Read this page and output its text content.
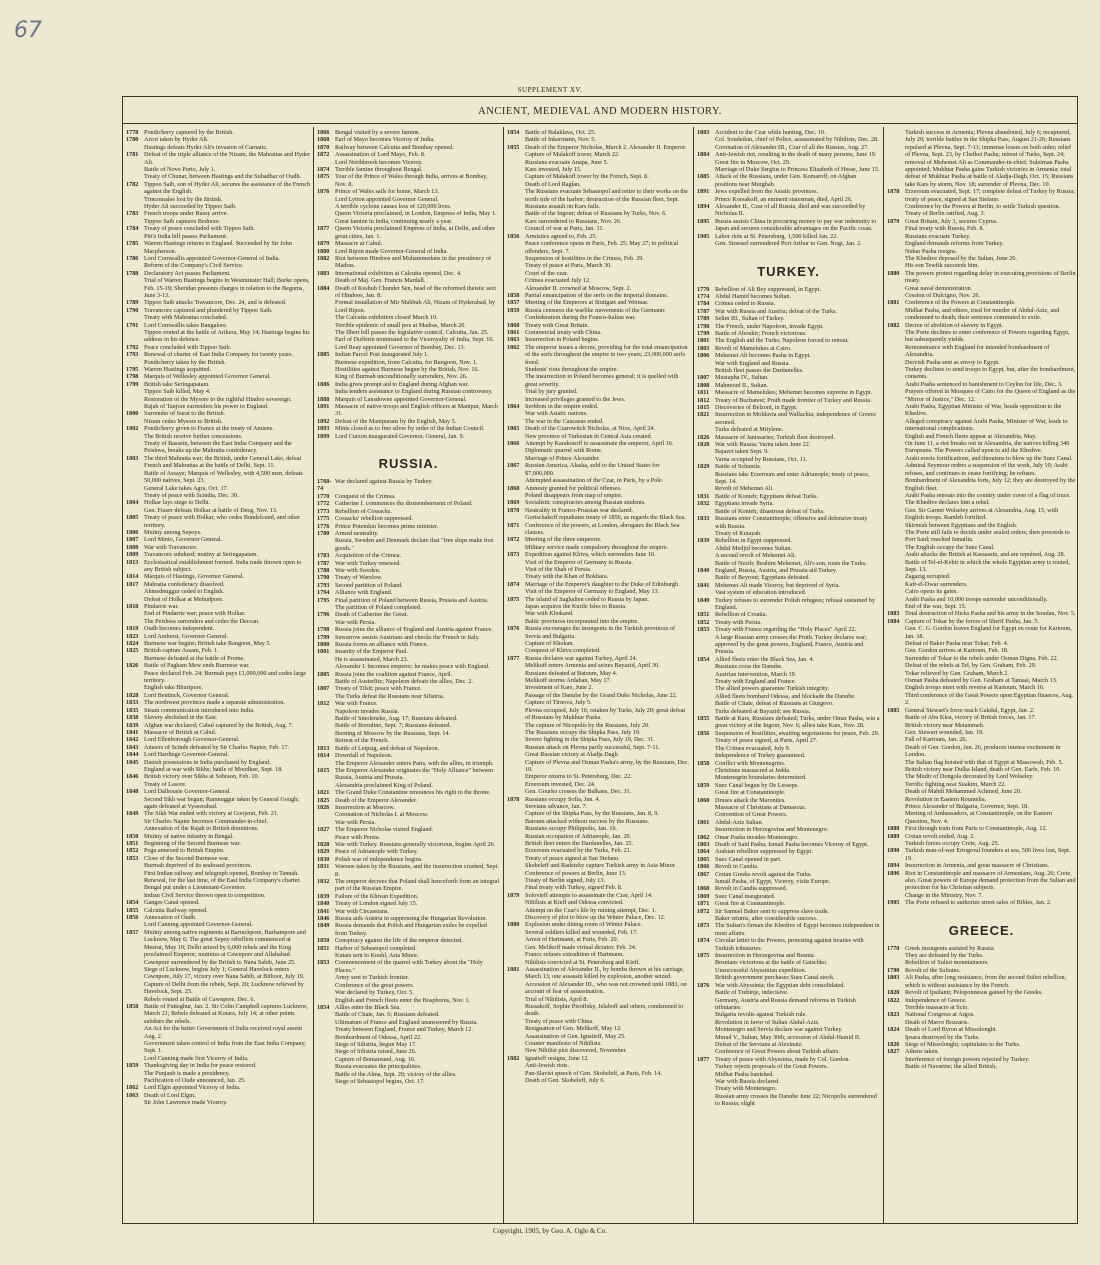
67
SUPPLEMENT XV.
ANCIENT, MEDIEVAL AND MODERN HISTORY.
1778 Pondicherry captured by the British.
1780 Arcot taken by Hyder Ali.
Hastings defeats Hyder Ali's invasion of Carnatic.
1781 Defeat of the triple alliance of the Nizam, the Mahrattas and Hyder Ali.
Battle of Novo Porto, July 1.
Treaty of Chunar, between Hastings and the Subadhar of Oudh.
1782 Tippoo Saib, son of Hyder Ali, secures the assistance of the French against the English.
Trincomalee lost by the British.
Hyder Ali succeeded by Tippoo Saib.
1783 French troops under Bussy arrive.
Tippoo Saib captures Bednore.
1784 Treaty of peace concluded with Tippoo Saib.
Pitt's India bill passes Parliament.
1785 Warren Hastings returns to England. Succeeded by Sir John Macpherson.
1786 Lord Cornwallis appointed Governor-General of India.
Reform of the Company's Civil Service.
1788 Declaratory Act passes Parliament.
Trial of Warren Hastings begins in Westminster Hall; Burke opens, Feb. 15-19; Sheridan presents charges in relation to the Begums, June 3-13.
1789 Tippoo Saib attacks Travancore, Dec. 24, and is defeated.
1790 Travancore captured and plundered by Tippoo Saib.
Treaty with Mahrattas concluded.
1791 Lord Cornwallis takes Bangalore.
Tippoo routed at the battle of Arikera, May 14; Hastings begins his address in his defence.
1792 Peace concluded with Tippoo Saib.
1793 Renewal of charter of East India Company for twenty years.
Pondicherry taken by the British.
1795 Warren Hastings acquitted.
1798 Marquis of Wellesley appointed Governor General.
1799 British take Seringapatam.
Tippoo Saib killed, May 4.
Restoration of the Mysore to the rightful Hindoo sovereign.
Rajah of Tanjore surrenders his power to England.
1800 Surrender of Surat to the British.
Nizam cedes Mysore to British.
1802 Pondicherry given to France at the treaty of Amiens.
The British receive further concessions.
Treaty of Bassein, between the East India Company and the Peishwa, breaks up the Mahratta confederacy.
1803 The third Mahratta war; the British, under General Lake, defeat French and Mahrattas at the battle of Delhi, Sept. 11.
Battle of Assaye; Marquis of Wellesley, with 4,500 men, defeats 50,000 natives, Sept. 23.
General Lake takes Agra, Oct. 17.
Treaty of peace with Scindia, Dec. 30.
1804 Holkar lays siege to Delhi.
Gen. Fraser defeats Holkar at battle of Deeg, Nov. 13.
1805 Treaty of peace with Holkar, who cedes Bundelcund, and other territory.
1806 Mutiny among Sepoys.
1807 Lord Minto, Governor General.
1808 War with Travancore.
1809 Travancore subdued; mutiny at Seringapatam.
1813 Ecclesiastical establishment formed. India trade thrown open to any British subject.
1814 Marquis of Hastings, Governor General.
1817 Mahratta confederacy dissolved.
Ahmednuggur ceded to English.
Defeat of Holkar at Mehudpore.
1818 Pindarrie war.
End of Pindarrie war; peace with Holkar.
The Peishwa surrenders and cedes the Deccan.
1819 Oudh becomes independent.
1823 Lord Amherst, Governor General.
1824 Burmese war begins; British take Rangoon, May 5.
1825 British capture Assam, Feb. 1.
Burmese defeated at the battle of Prome.
1826 Battle of Pagham Mew ends Burmese war.
Peace declared Feb. 24; Burmah pays £1,000,000 and cedes large territory.
English take Bhurtpore.
1828 Lord Bentinck, Governor General.
1833 The northwest provinces made a separate administration.
1835 Steam communication introduced into India.
1838 Slavery abolished in the East.
1839 Afghan war declared; Cabul captured by the British, Aug. 7.
1841 Massacre of British at Cabul.
1842 Lord Ellenborough Governor-General.
1843 Ameers of Scinde defeated by Sir Charles Napier, Feb. 17.
1844 Lord Hardinge Governor-General.
1845 Danish possessions in India purchased by England.
England at war with Sikhs; battle of Moodkee, Sept. 18.
1846 British victory over Sikhs at Sobraon, Feb. 10.
Treaty of Lasore.
1848 Lord Dalhousie Governor-General.
Second Sikh war begun; Ramnuggur taken by General Gough; again defeated at Vyseerabad.
1849 The Sikh War ended with victory at Goojerat, Feb. 21.
Sir Charles Napier becomes Commander-in-chief.
Annexation of the Rajah to British dominions.
1850 Mutiny of native infantry in Bengal.
1851 Beginning of the Second Burmese war.
1852 Pegu annexed to British Empire.
1853 Close of the Second Burmese war.
Burmah deprived of its seaboard provinces.
First Indian railway and telegraph opened, Bombay to Tannah.
Renewal, for the last time, of the East India Company's charter.
Bengal put under a Lieutenant-Governor.
Indian Civil Service thrown open to competition.
1854 Ganges Canal opened.
1855 Calcutta Railway opened.
1856 Annexation of Oudh.
Lord Canning appointed Governor-General.
1857 Mutiny among native regiments at Barrackpore, Burhampore and Lucknow, May 6; The great Sepoy rebellion commenced at Meerut, May 10; Delhi seized by 6,000 rebels and the King proclaimed Emperor; mutinies at Cawnpore and Allahabad.
Cawnpore surrendered by the British to Nana Sahib, June 25.
Siege of Lucknow, begins July 1; General Havelock enters Cawnpore, July 17, victory over Nana Sahib, at Bithoor, July 19.
Capture of Delhi from the rebels, Sept. 20; Lucknow relieved by Havelock, Sept. 25.
Rebels routed at Battle of Cawnpore, Dec. 6.
1858 Battle of Futteghur, Jan. 2. Sir Colin Campbell captures Lucknow, March 21; Rebels defeated at Kotara, July 14; at other points subdues the rebels.
An Act for the better Government of India received royal assent Aug. 2.
Government taken control of India from the East India Company, Sept. 1.
Lord Canning made first Viceroy of India.
1859 Thanksgiving day in India for peace restored.
The Punjaub is made a presidency.
Pacification of Oude announced, Jan. 25.
1862 Lord Elgin appointed Viceroy of India.
1863 Death of Lord Elgin.
Sir John Lawrence made Viceroy.
1866 Bengal visited by a severe famine.
1868 Earl of Mayo becomes Viceroy of India.
1870 Railway between Calcutta and Bombay opened.
1872 Assassination of Lord Mayo, Feb. 8.
Lord Northbrook becomes Viceroy.
1874 Terrible famine throughout Bengal.
1875 Tour of the Prince of Wales through India, arrives at Bombay, Nov. 8.
1876 Prince of Wales sails for home, March 13.
Lord Lytton appointed Governor General.
A terrible cyclone causes loss of 120,000 lives.
Queen Victoria proclaimed, in London, Empress of India, May 1.
Great famine in India, continuing nearly a year.
1877 Queen Victoria proclaimed Empress of India, at Delhi, and other great cities, Jan. 1.
1879 Massacre at Cabul.
1880 Lord Ripon made Governor-General of India.
1882 Riot between Hindoos and Mohammedans in the presidency of Madras.
1883 International exhibition at Calcutta opened, Dec. 4.
Death of Maj. Gen. Francis Mardall.
1884 Death of Keshub Chunder Sen, head of the reformed theistic sect of Hindoos, Jan. 8.
Formal installation of Mir Mahbub Ali, Nizam of Hyderabad, by Lord Ripon.
The Calcutta exhibition closed March 10.
Terrible epidemic of small pox at Madras, March 20.
The Ilbert bill passes the legislative council, Calcutta, Jan. 25.
Earl of Dufferin nominated to the Viceroyalty of India, Sept. 10.
Lord Reay appointed Governor of Bombay, Dec. 13.
1885 Indian Parcel Post inaugurated July 1.
Burmese expedition, from Calcutta, for Rangoon, Nov. 1.
Hostilities against Burmese begun by the British, Nov. 16.
King of Burmah unconditionally surrenders, Nov. 26.
1886 India gives prompt aid to England during Afghan war.
India tenders assistance to England during Russian controversy.
1888 Marquis of Lansdowne appointed Governor-General.
1891 Massacre of native troops and English officers at Manipur, March 31.
1892 Defeat of the Manipurans by the English, May 5.
1893 Mints closed as to free silver by order of the Indian Council.
1899 Lord Curzon inaugurated Governor. General, Jan. 9.
RUSSIA.
1768-74
War declared against Russia by Turkey.
1770 Conquest of the Crimea.
1772 Catherine I. commences the dismemberment of Poland.
1773 Rebellion of Cossacks.
1775 Cossacks' rebellion suppressed.
1776 Prince Potemkin becomes prime minister.
1780 Armed neutrality.
Russia, Sweden and Denmark declare that "free ships make free goods."
1783 Acquisition of the Crimea.
1787 War with Turkey renewed.
1788 War with Sweden.
1790 Treaty of Warelow.
1793 Second partition of Poland.
1794 Alliance with England.
1795 Final partition of Poland between Russia, Prussia and Austria.
The partition of Poland completed.
1796 Death of Catherine the Great.
War with Persia.
1798 Russia joins the alliance of England and Austria against France.
1799 Suwarrow assists Austrians and checks the French in Italy.
1800 Russia forms an alliance with France.
1801 Insanity of the Emperor Paul.
He is assassinated, March 23.
Alexander I. becomes emperor; he makes peace with England.
1805 Russia joins the coalition against France, April.
Battle of Austerlitz; Napoleon defeats the allies, Dec. 2.
1807 Treaty of Tilsit; peace with France.
The Turks defeat the Russians near Silistria.
1812 War with France.
Napoleon invades Russia.
Battle of Smolensko, Aug. 17; Russians defeated.
Battle of Borodino, Sept. 7; Russians defeated.
Burning of Moscow by the Russians, Sept. 14.
Retreat of the French.
1813 Battle of Leipsig, and defeat of Napoleon.
1814 Downfall of Napoleon.
The Emperor Alexander enters Paris, with the allies, in triumph.
1815 The Emperor Alexander originates the "Holy Alliance" between Russia, Austria and Prussia.
Alexandria proclaimed King of Poland.
1821 The Grand Duke Constantine renounces his right to the throne.
1825 Death of the Emperor Alexander.
1826 Insurrection at Moscow.
Coronation of Nicholas I. at Moscow.
War with Persia.
1827 The Emperor Nicholas visited England.
Peace with Persia.
1828 War with Turkey. Russians generally victorious, begins April 26.
1829 Peace of Adrianople with Turkey.
1830 Polish war of independence begins.
1831 Warsaw taken by the Russians, and the insurrection crushed, Sept. 8.
1832 The emperor decrees that Poland shall henceforth form an integral part of the Russian Empire.
1839 Failure of the Khivan Expedition.
1840 Treaty of London signed July 15.
1841 War with Circassians.
1846 Russia aids Austria in suppressing the Hungarian Revolution.
1849 Russia demands that Polish and Hungarian exiles be expelled from Turkey.
1850 Conspiracy against the life of the emperor detected.
1851 Harbor of Sebastopol completed.
Kutais sent to Kouhl, Asia Minor.
1853 Commencement of the quarrel with Turkey about the "Holy Places."
Army sent to Turkish frontier.
Conference of the great powers.
War declared by Turkey, Oct. 5.
English and French fleets enter the Bosphorus, Nov. 1.
1854 Allies enter the Black Sea.
Battle of Citate, Jan. 6; Russians defeated.
Ultimatum of France and England unanswered by Russia.
Treaty between England, France and Turkey, March 12.
Bombardment of Odessa, April 22.
Siege of Silistria, begun May 17.
Siege of Silistria raised, June 26.
Capture of Bomarsund, Aug. 16.
Russia evacuates the principalities.
Battle of the Alma, Sept. 20; victory of the allies.
Siege of Sebastopol begins, Oct. 17.
1854 Battle of Balaklava, Oct. 25.
Battle of Inkermann, Nov. 5.
1855 Death of the Emperor Nicholas, March 2. Alexander II. Emperor.
Capture of Malakoff tower, March 22.
Russians evacuate Anapa, June 5.
Kars invested, July 15.
Capture of Malakoff tower by the French, Sept. 8.
Death of Lord Raglan.
The Russians evacuate Sebastopol and retire to their works on the north side of the harbor; destruction of the Russian fleet, Sept.
Russians assault on Kars fails.
Battle of the Ingour; defeat of Russians by Turks, Nov. 6.
Kars surrendered to Russians, Nov. 26.
Council of war at Paris, Jan. 11.
1856 Armistice agreed to, Feb. 25.
Peace conference opens in Paris, Feb. 25; May 27; to political offenders, Sept. 7.
Suspension of hostilities in the Crimea, Feb. 29.
Treaty of peace at Paris, March 30.
Court of the czar.
Crimea evacuated July 12.
Alexander II. crowned at Moscow, Sept. 2.
1858 Partial emancipation of the serfs on the imperial domains.
1857 Meeting of the Emperors at Stuttgart and Weimar.
1859 Russia censures the warlike movements of the Germanic Confederation during the Franco-Italian war.
1860 Treaty with Great Britain.
1861 Commercial treaty with China.
1863 Insurrection in Poland begins.
1862 The emperor issues a decree, providing for the total emancipation of the serfs throughout the empire in two years; 23,000,000 serfs freed.
Students' riots throughout the empire.
The insurrection in Poland becomes general; it is quelled with great severity.
Trial by jury granted.
Increased privileges granted to the Jews.
1864 Serfdom in the empire ended.
War with Asiatic nations.
The war in the Caucasus ended.
1865 Death of the Czarowitch Nicholas, at Nice, April 24.
New province of Turkestan in Central Asia created.
1866 Attempt by Karakosoff to assassinate the emperor, April 16.
Diplomatic quarrel with Rome.
Marriage of Prince Alexander.
1867 Russian America, Alaska, sold to the United States for $7,000,000.
Attempted assassination of the Czar, in Paris, by a Pole.
1868 Amnesty granted for political offenses.
Poland disappears from map of empire.
1869 Socialistic conspiracies among Russian students.
1870 Neutrality in Franco-Prussian war declared.
Gortschakoff repudiates treaty of 1856, as regards the Black Sea.
1871 Conference of the powers, at London, abrogates the Black Sea clauses.
1872 Meeting of the three emperors.
Military service made compulsory throughout the empire.
1873 Expedition against Khiva, which surrenders June 10.
Visit of the Emperor of Germany to Russia.
Visit of the Shah of Persia.
Treaty with the Khan of Bokhara.
1874 Marriage of the Emperor's daughter to the Duke of Edinburgh.
Visit of the Emperor of Germany to England, May 13.
1875 The island of Saghalien ceded to Russia by Japan.
Japan acquires the Kurile Isles to Russia.
War with Khokand.
Baltic provinces incorporated into the empire.
1876 Russia encourages the insurgents in the Turkish provinces of Servia and Bulgaria.
Capture of Khokan.
Conquest of Khiva completed.
1877 Russia declares war against Turkey, April 24.
Melikoff enters Armenia and seizes Bayazid, April 30.
Russians defeated at Batoum, May 4.
Melikoff storms Ardahan, May 17.
Investment of Kars, June 2.
Passage of the Danube by the Grand Duke Nicholas, June 22.
Capture of Tirnova, July 5.
Plevna occupied, July 16; retaken by Turks, July 20; great defeat of Russians by Mukhtar Pasha.
The capture of Nicopolis by the Russians, July 20.
The Russians occupy the Shipka Pass, July 19.
Severe fighting in the Shipka Pass, July 19, Dec. 31.
Russian attack on Plevna partly successful, Sept. 7-11.
Great Russian victory at Aladja Dagh.
Capture of Plevna and Osman Pasha's army, by the Russians, Dec. 10.
Emperor returns to St. Petersburg, Dec. 22.
Erzeroum invested, Dec. 24.
Gen. Gourko crosses the Balkans, Dec. 31.
1878 Russians occupy Sofia, Jan. 4.
Servians advance, Jan. 7.
Capture of the Shipka Pass, by the Russians, Jan. 8, 9.
Batoum attacked without success by the Russians.
Russians occupy Philippolis, Jan. 16.
Russian occupation of Adrianople, Jan. 20.
British fleet enters the Dardanelles, Jan. 25.
Erzeroum evacuated by the Turks, Feb. 21.
Treaty of peace signed at San Stefano.
Skobeleff and Radetzky capture Turkish army in Asia Minor.
Conference of powers at Berlin, June 13.
Treaty of Berlin signed, July 13.
Final treaty with Turkey, signed Feb. 8.
1879 Solovieff attempts to assassinate the Czar, April 14.
Nihilists at Kieff and Odessa convicted.
Attempt on the Czar's life by mining attempt, Dec. 1.
Discovery of plot to blow up the Winter Palace, Dec. 12.
1880 Explosion under dining room of Winter Palace.
Several soldiers killed and wounded, Feb. 17.
Arrest of Hartmann, at Paris, Feb. 20.
Gen. Melikoff made virtual dictator, Feb. 24.
France refuses extradition of Hartmann.
Nihilists convicted at St. Petersburg and Kieff.
1881 Assassination of Alexander II., by bombs thrown at his carriage, March 13; one assassin killed by explosion, another seized.
Accession of Alexander III., who was not crowned until 1883, on account of fear of assassination.
Trial of Nihilists, April 8.
Russakoff, Sophie Pieoffsky, Jelaboff and others, condemned to death.
Treaty of peace with China.
Resignation of Gen. Melikoff, May 12.
Assassination of Gen. Ignatieff, May 25.
Counter manifesto of Nihilists.
New Nihilist plot discovered, November.
1882 Ignatieff resigns, June 12.
Anti-Jewish riots.
Pan-Slavist speech of Gen. Skobeleff, at Paris, Feb. 14.
Death of Gen. Skobeleff, July 6.
1883 Accident to the Czar while hunting, Dec. 10.
Col. Soudeikin, chief of Police, assassinated by Nihilists, Dec. 28.
Coronation of Alexander III., Czar of all the Russias, Aug. 27.
1884 Anti-Jewish riot, resulting in the death of many persons, June 19.
Great fire in Moscow, Oct. 29.
Marriage of Duke Sergius to Princess Elizabeth of Hesse, June 15.
1885 Attack of the Russians, under Gen. Komaroff, on Afghan positions near Murghab.
1891 Jews expelled from the Asiatic provinces.
Prince Korsakoff, an eminent statesman, died, April 26.
1894 Alexander II., Czar of all Russia, died and was succeeded by Nicholas II.
1895 Russia assists China in procuring money to pay war indemnity to Japan and secures considerable advantages on the Pacific coast.
1905 Labor riots at St. Petersburg, 1,500 killed Jan. 22.
Gen. Stoessel surrendered Port Arthur to Gen. Nogi, Jan. 2.
TURKEY.
1770 Rebellion of Ali Bey suppressed, in Egypt.
1774 Abdul Hamid becomes Sultan.
1784 Crimea ceded to Russia.
1787 War with Russia and Austria; defeat of the Turks.
1789 Selim III., Sultan of Turkey.
1798 The French, under Napoleon, invade Egypt.
1799 Battle of Aboukir; French victorious.
1801 The English aid the Turks; Napoleon forced to retreat.
1803 Revolt of Mamelukes at Cairo.
1806 Mehemet Ali becomes Pasha in Egypt.
War with England and Russia.
British fleet passes the Dardanelles.
1807 Mustapha IV., Sultan.
1808 Mahmoud II., Sultan.
1811 Massacre of Mamelukes; Mehemet becomes supreme in Egypt.
1812 Treaty of Bucharest; Pruth made frontier of Turkey and Russia.
1815 Discoveries of Belzoni, in Egypt.
1821 Insurrection in Moldavia and Wallachia; independence of Greece secured.
Turks defeated at Mitylene.
1826 Massacre of Janissaries; Turkish fleet destroyed.
1828 War with Russia; Varna taken June 22.
Bajazet taken Sept. 9.
Varna occupied by Russians, Oct. 11.
1829 Battle of Schumla.
Russians take Erzeroum and enter Adrianople; treaty of peace, Sept. 14.
Revolt of Mehemet Ali.
1831 Battle of Konieh; Egyptians defeat Turks.
1832 Egyptians invade Syria.
Battle of Konieh; disastrous defeat of Turks.
1833 Russians enter Constantinople; offensive and defensive treaty with Russia.
Treaty of Kutayah.
1839 Rebellion in Egypt suppressed.
Abdul Medjid becomes Sultan.
A second revolt of Mehemet Ali.
Battle of Nezib; Ibrahim Mehemet, Ali's son, routs the Turks.
1840 England, Russia, Austria, and Prussia aid Turkey.
Battle of Beyrout; Egyptians defeated.
1841 Mehemet Ali made Viceroy, but deprived of Syria.
Vast system of education introduced.
1849 Turkey refuses to surrender Polish refugees; refusal sustained by England.
1851 Rebellion of Croatia.
1852 Treaty with Persia.
1853 Treaty with France regarding the "Holy Places" April 22.
A large Russian army crosses the Pruth. Turkey declares war; approved by the great powers, England, France, Austria and Prussia.
1854 Allied fleets enter the Black Sea, Jan. 4.
Russians cross the Danube.
Austrian intervention, March 19.
Treaty with England and France.
The allied powers guarantee Turkish integrity.
Allied fleets bombard Odessa, and blockade the Danube.
Battle of Citate, defeat of Russians at Giurgevo.
Turks defeated at Bayazid; see Russia.
1855 Battle at Kars, Russians defeated; Turks, under Omar Pasha, win a great victory at the Ingour, Nov. 6; allies take Kars, Nov. 28.
1856 Suspension of hostilities, awaiting negotiations for peace, Feb. 29.
Treaty of peace signed, at Paris, April 27.
The Crimea evacuated, July 9.
Independence of Turkey guaranteed.
1858 Conflict with Montenegrins.
Christians massacred at Jedda.
Montenegrin boundaries determined.
1859 Suez Canal begun by De Lesseps.
Great fire at Constantinople.
1860 Druses attack the Maronites.
Massacre of Christians at Damascus.
Convention of Great Powers.
1861 Abdul-Aziz Sultan.
Insurrection in Herzegovina and Montenegro.
1862 Omar Pasha invades Montenegro.
1863 Death of Said Pasha; Ismail Pasha becomes Viceroy of Egypt.
1864 Arabian rebellion suppressed by Egypt.
1865 Suez Canal opened in part.
1866 Revolt in Candia.
1867 Cretan Greeks revolt against the Turks.
Ismail Pasha, of Egypt, Viceroy, visits Europe.
1868 Revolt in Candia suppressed.
1869 Suez Canal inaugurated.
1871 Great fire at Constantinople.
1872 Sir Samuel Baker sent to suppress slave trade.
Baker returns, after considerable success.
1873 The Sultan's firman the Khedive of Egypt becomes independent in most affairs.
1874 Circular letter to the Powers, protesting against treaties with Turkish tributaries.
1875 Insurrection in Herzegovina and Bosnia.
Bosnians victorious at the battle of Gatschko.
Unsuccessful Abyssinian expedition.
British government purchases Suez Canal stock.
1876 War with Abyssinia; the Egyptian debt consolidated.
Battle of Trebinje, indecisive.
Germany, Austria and Russia demand reforms in Turkish tributaries.
Bulgaria revolts against Turkish rule.
Revolution in favor of Sultan Abdul-Aziz.
Montenegro and Servia declare war against Turkey.
Murad V., Sultan, May 30th; accession of Abdul-Hamid II.
Defeat of the Servians at Alexinatz.
Conference of Great Powers about Turkish affairs.
1877 Treaty of peace with Abyssinia, made by Col. Gordon.
Turkey rejects proposals of the Great Powers.
Midhat Pasha banished.
War with Russia declared.
Treaty with Montenegro.
Russian army crosses the Danube June 22; Nicopolis surrendered to Russia; slight
Turkish success in Armenia; Plevna abandoned, July 6; recaptured, July 20; terrible battles in the Shipka Pass, August 21-26; Russians repulsed at Plevna, Sept. 7-11; immense losses on both sides; relief of Plevna, Sept. 23, by Chefket Pasha; retreat of Turks, Sept. 24; removal of Mehemet Ali as Commander-in-chief; Suleiman Pasha appointed; Mukhtar Pasha gains Turkish victories in Armenia; total defeat of Mukhtar Pasha at battle of Aladja-Dagh, Oct. 15; Russians take Kars by storm, Nov. 18; surrender of Plevna, Dec. 10.
1878 Erzeroum evacuated, Sept. 17; complete defeat of Turkey by Russia; treaty of peace, signed at San Stefano.
Conference by the Powers at Berlin, to settle Turkish question.
Treaty of Berlin ratified, Aug. 3.
1879 Great Britain, July 3, secures Cyprus.
Final treaty with Russia, Feb. 8.
Russians evacuate Turkey.
England demands reforms from Turkey.
Nubar Pasha resigns.
The Khedive deposed by the Sultan, June 26.
His son Tewfik succeeds him.
1880 The powers protest regarding delay in executing provisions of Berlin treaty.
Great naval demonstration.
Cession of Dulcigno, Nov. 26.
1881 Conference of the Powers at Constantinople.
Midhat Pasha, and others, tried for murder of Abdul-Aziz, and condemned to death; their sentence commuted to exile.
1882 Decree of abolition of slavery in Egypt.
The Porte declines to enter conference of Powers regarding Egypt, but subsequently yields.
Remonstrance with England for intended bombardment of Alexandria.
Dervish Pasha sent as envoy to Egypt.
Turkey declines to send troops to Egypt, but, after the bombardment, consents.
Arabi Pasha sentenced to banishment to Ceylon for life, Dec. 3.
Prayers offered in Mosques of Cairo for the Queen of England as the "Mirror of Justice," Dec. 12.
Arabi Pasha, Egyptian Minister of War, heads opposition to the Khedive.
Alleged conspiracy against Arabi Pasha, Minister of War, leads to international complications.
English and French fleets appear at Alexandria, May.
On June 11, a riot breaks out in Alexandria, the natives killing 340 Europeans. The Powers called upon to aid the Khedive.
Arabi erects fortifications, and threatens to blow up the Suez Canal.
Admiral Seymour orders a suspension of the work, July 10; Arabi refuses, and continues to cease fortifying; he refuses.
Bombardment of Alexandria forts, July 12; they are destroyed by the English fleet.
Arabi Pasha retreats into the country under cover of a flag of truce.
The Khedive declares him a rebel.
Gen. Sir Garnet Wolseley arrives at Alexandria, Aug. 15, with English troops. Ramleh fortified.
Skirmish between Egyptians and the English.
The Porte still fails to decide under sealed orders; then proceeds to Port Said; reached Ismailia.
The English occupy the Suez Canal.
Arabi attacks the British at Kassassin, and are repulsed, Aug. 28.
Battle of Tel-el-Kebir in which the whole Egyptian army is routed, Sept. 13.
Zagazig occupied.
Kafr-el-Dwar surrenders.
Cairo opens its gates.
Arabi Pasha and 10,000 troops surrender unconditionally.
End of the war, Sept. 15.
1883 Total destruction of Hicks Pasha and his army in the Soudan, Nov. 5.
1884 Capture of Tokar by the forces of Sherif Pasha, Jan. 5.
Gen. C. G. Gordon leaves England for Egypt en route for Kartoum, Jan. 18.
Defeat of Baker Pasha near Tokar, Feb. 4.
Gen. Gordon arrives at Kartoum, Feb. 18.
Surrender of Tokar to the rebels under Osman Digna, Feb. 22.
Defeat of the rebels at Tel, by Gen. Graham, Feb. 29.
Tokar relieved by Gen. Graham, March 2.
Osman Pasha defeated by Gen. Graham at Tamasi, March 13.
English troops meet with reverse at Kartoum, March 16.
Third conference of the Great Powers upon Egyptian finances, Aug. 2.
1885 General Stewart's force reach Gakdul, Egypt, Jan. 2.
Battle of Abu Klea, victory of British forces, Jan. 17.
British victory near Metammeh.
Gen. Stewart wounded, Jan. 19.
Fall of Kartoum, Jan. 26.
Death of Gen. Gordon, Jan. 26, produces intense excitement in London.
The Italian flag hoisted with that of Egypt at Massowah, Feb. 5.
British victory near Dulka Island, death of Gen. Earle, Feb. 10.
The Mudir of Dongola decorated by Lord Wolseley.
Terrific fighting near Suakim, March 22.
Death of Mahdi Mohammed Achmed, June 20.
Revolution in Eastern Roumelia.
Prince Alexander of Bulgaria, Governor, Sept. 18.
Meeting of Ambassadors, at Constantinople, on the Eastern Question, Nov. 4.
1888 First through train from Paris to Constantinople, Aug. 12.
1889 Cretan revolt ended, Aug. 2.
Turkish forces occupy Crete, Aug. 25.
1890 Turkish man-of-war Ertogroul founders at sea, 500 lives lost, Sept. 19.
1894 Insurrection in Armenia, and great massacre of Christians.
1896 Riot in Constantinople and massacre of Armenians, Aug. 26; Crete, also. Great powers of Europe demand protection from the Sultan and protection for his Christian subjects.
Change in the Ministry, Nov. 7.
1905 The Porte refused to authorize street sales of Bibles, Jan. 2.
GREECE.
1770 Greek insurgents assisted by Russia.
They are defeated by the Turks.
Rebellion of Suliot mountaineers.
1790 Revolt of the Suliotes.
1803 Ali Pasha, after long resistance, from the second Suliot rebellion, which is without assistance by the French.
1820 Revolt of Ipsilanti; Peloponnesus gained by the Greeks.
1822 Independence of Greece.
Terrible massacre at Scio.
1823 National Congress at Argos.
Death of Marco Bozzaris.
1824 Death of Lord Byron at Missolonghi.
Ipsara destroyed by the Turks.
1826 Siege of Missolonghi; capitulates to the Turks.
1827 Athens taken.
Interference of foreign powers rejected by Turkey.
Battle of Navarine; the allied British,
Copyright, 1905, by Geo. A. Ogle & Co.
